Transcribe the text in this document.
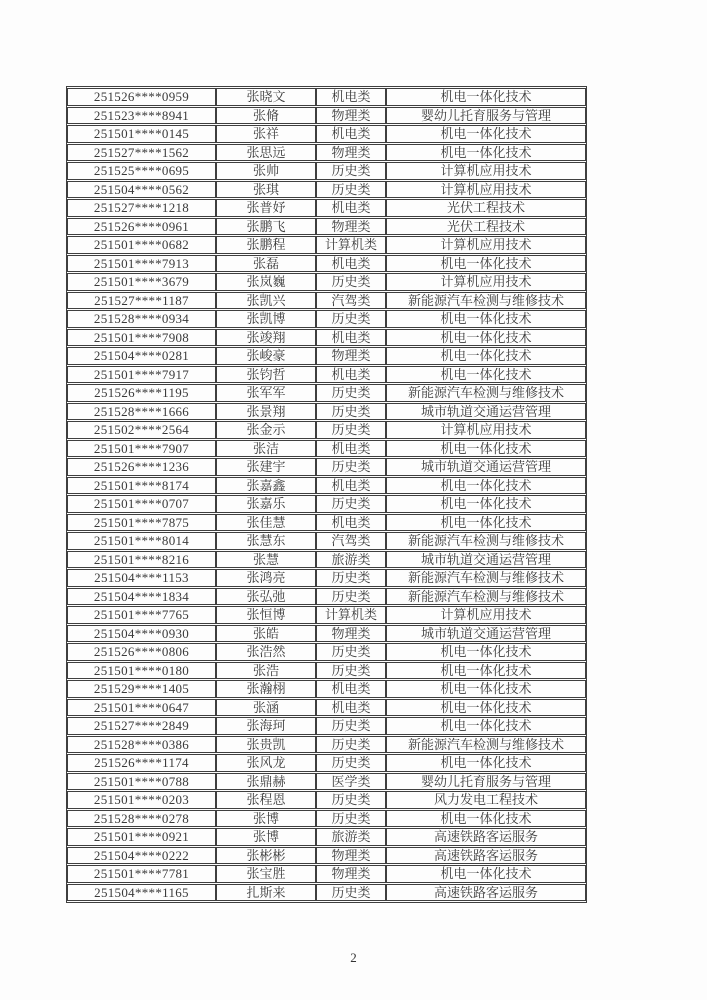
251526****0959	张晓文	机电类	机电一体化技术
251523****8941	张脩	物理类	婴幼儿托育服务与管理
251501****0145	张祥	机电类	机电一体化技术
251527****1562	张思远	物理类	机电一体化技术
251525****0695	张帅	历史类	计算机应用技术
251504****0562	张琪	历史类	计算机应用技术
251527****1218	张普妤	机电类	光伏工程技术
251526****0961	张鹏飞	物理类	光伏工程技术
251501****0682	张鹏程	计算机类	计算机应用技术
251501****7913	张磊	机电类	机电一体化技术
251501****3679	张岚巍	历史类	计算机应用技术
251527****1187	张凯兴	汽驾类	新能源汽车检测与维修技术
251528****0934	张凯博	历史类	机电一体化技术
251501****7908	张竣翔	机电类	机电一体化技术
251504****0281	张峻豪	物理类	机电一体化技术
251501****7917	张钧哲	机电类	机电一体化技术
251526****1195	张军军	历史类	新能源汽车检测与维修技术
251528****1666	张景翔	历史类	城市轨道交通运营管理
251502****2564	张金示	历史类	计算机应用技术
251501****7907	张洁	机电类	机电一体化技术
251526****1236	张建宇	历史类	城市轨道交通运营管理
251501****8174	张嘉鑫	机电类	机电一体化技术
251501****0707	张嘉乐	历史类	机电一体化技术
251501****7875	张佳慧	机电类	机电一体化技术
251501****8014	张慧东	汽驾类	新能源汽车检测与维修技术
251501****8216	张慧	旅游类	城市轨道交通运营管理
251504****1153	张鸿亮	历史类	新能源汽车检测与维修技术
251504****1834	张弘弛	历史类	新能源汽车检测与维修技术
251501****7765	张恒博	计算机类	计算机应用技术
251504****0930	张皓	物理类	城市轨道交通运营管理
251526****0806	张浩然	历史类	机电一体化技术
251501****0180	张浩	历史类	机电一体化技术
251529****1405	张瀚栩	机电类	机电一体化技术
251501****0647	张涵	机电类	机电一体化技术
251527****2849	张海珂	历史类	机电一体化技术
251528****0386	张贵凯	历史类	新能源汽车检测与维修技术
251526****1174	张风龙	历史类	机电一体化技术
251501****0788	张鼎赫	医学类	婴幼儿托育服务与管理
251501****0203	张程恩	历史类	风力发电工程技术
251528****0278	张博	历史类	机电一体化技术
251501****0921	张博	旅游类	高速铁路客运服务
251504****0222	张彬彬	物理类	高速铁路客运服务
251501****7781	张宝胜	物理类	机电一体化技术
251504****1165	扎斯来	历史类	高速铁路客运服务
2
